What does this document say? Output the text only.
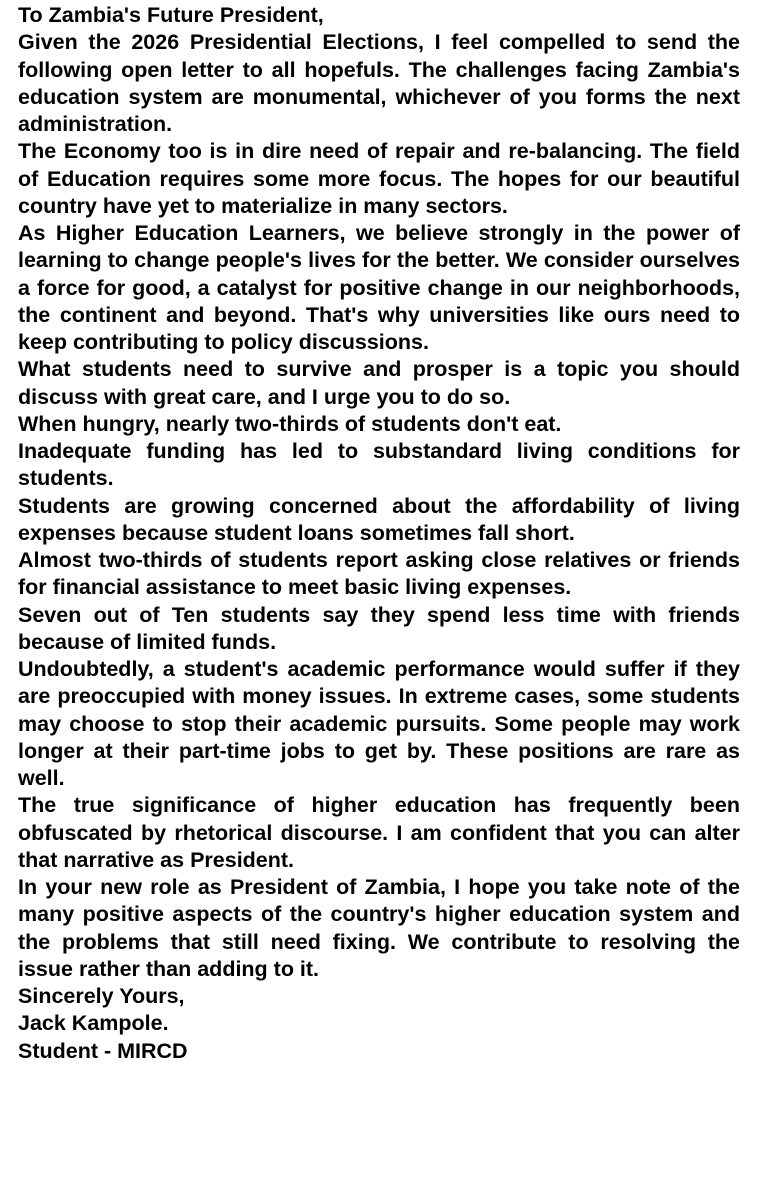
To Zambia's Future President,

Given the 2026 Presidential Elections, I feel compelled to send the following open letter to all hopefuls. The challenges facing Zambia's education system are monumental, whichever of you forms the next administration.

The Economy too is in dire need of repair and re-balancing. The field of Education requires some more focus. The hopes for our beautiful country have yet to materialize in many sectors.

As Higher Education Learners, we believe strongly in the power of learning to change people's lives for the better. We consider ourselves a force for good, a catalyst for positive change in our neighborhoods, the continent and beyond. That's why universities like ours need to keep contributing to policy discussions.

What students need to survive and prosper is a topic you should discuss with great care, and I urge you to do so.

When hungry, nearly two-thirds of students don't eat.

Inadequate funding has led to substandard living conditions for students.

Students are growing concerned about the affordability of living expenses because student loans sometimes fall short.

Almost two-thirds of students report asking close relatives or friends for financial assistance to meet basic living expenses.

Seven out of Ten students say they spend less time with friends because of limited funds.

Undoubtedly, a student's academic performance would suffer if they are preoccupied with money issues. In extreme cases, some students may choose to stop their academic pursuits. Some people may work longer at their part-time jobs to get by. These positions are rare as well.

The true significance of higher education has frequently been obfuscated by rhetorical discourse. I am confident that you can alter that narrative as President.

In your new role as President of Zambia, I hope you take note of the many positive aspects of the country's higher education system and the problems that still need fixing. We contribute to resolving the issue rather than adding to it.

Sincerely Yours,

Jack Kampole.

Student - MIRCD
